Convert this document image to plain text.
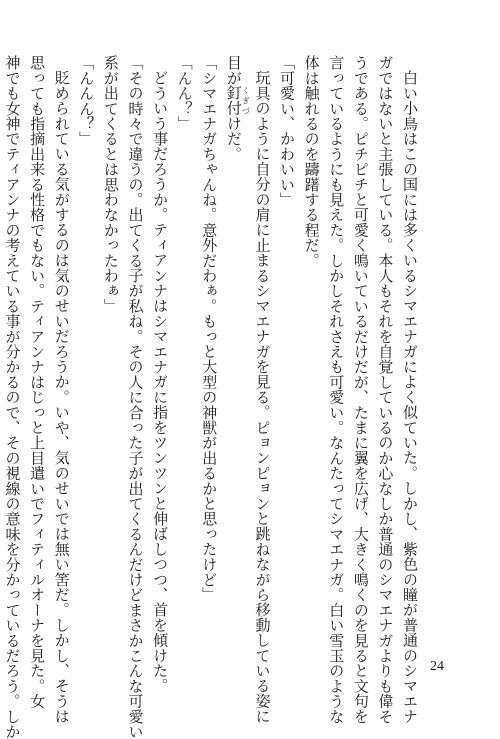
白い小鳥はこの国には多くいるシマエナガによく似ていた。しかし、紫色の瞳が普通のシマエナ
ガではないと主張している。本人もそれを自覚しているのか心なしか普通のシマエナガよりも偉そ
うである。ピチピチと可愛く鳴いているだけだが、たまに翼を広げ、大きく鳴くのを見ると文句を
言っているようにも見えた。しかしそれさえも可愛い。なんたってシマエナガ。白い雪玉のような
体は触れるのを躊躇する程だ。
「可愛い、かわいい」
玩具のように自分の肩に止まるシマエナガを見る。ピョンピョンと跳ねながら移動している姿に
目が釘付くぎづけだ。
「シマエナガちゃんね。意外だわぁ。もっと大型の神獣が出るかと思ったけど」
「んん？」
どういう事だろうか。ティアンナはシマエナガに指をツンツンと伸ばしつつ、首を傾けた。
「その時々で違うの。出てくる子が私ね。その人に合った子が出てくるんだけどまさかこんな可愛い
系が出てくるとは思わなかったわぁ」
「んんん？」
貶められている気がするのは気のせいだろうか。いや、気のせいでは無い筈だ。しかし、そうは
思っても指摘出来る性格でもない。ティアンナはじっと上目遣いでフィティルオーナを見た。女
神でも女神でティアンナの考えている事が分かるので、その視線の意味を分かっているだろう。しか	24
